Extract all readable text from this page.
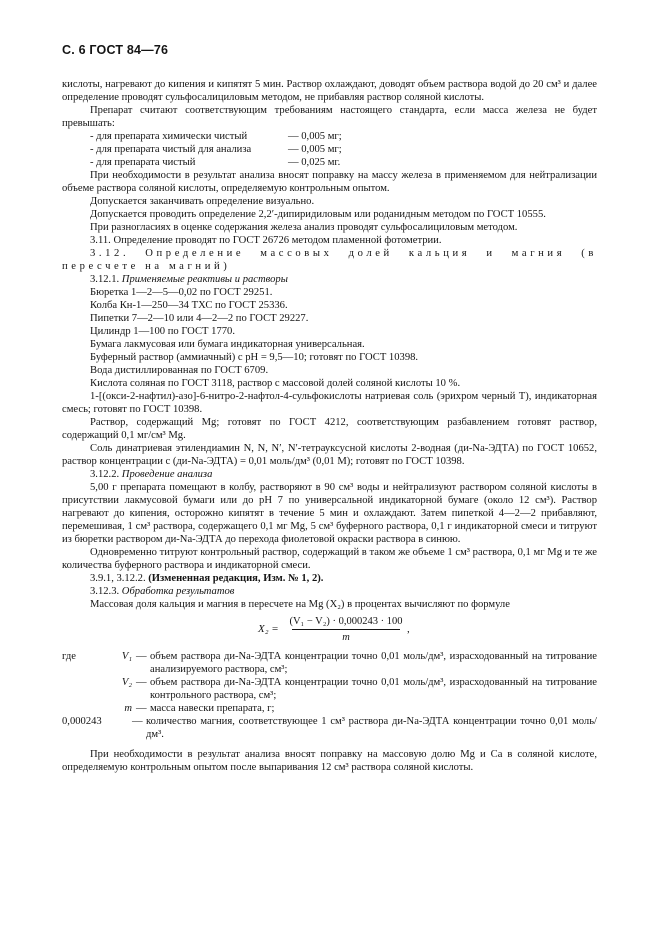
С. 6 ГОСТ 84—76

кислоты, нагревают до кипения и кипятят 5 мин. Раствор охлаждают, доводят объем раствора водой до 20 см³ и далее определение проводят сульфосалициловым методом, не прибавляя раствор соляной кислоты.

Препарат считают соответствующим требованиям настоящего стандарта, если масса железа не будет превышать:

- для препарата химически чистый	— 0,005 мг;
- для препарата чистый для анализа	— 0,005 мг;
- для препарата чистый	— 0,025 мг.

При необходимости в результат анализа вносят поправку на массу железа в применяемом для нейтрализации объеме раствора соляной кислоты, определяемую контрольным опытом.

Допускается заканчивать определение визуально.

Допускается проводить определение 2,2′-дипиридиловым или роданидным методом по ГОСТ 10555.

При разногласиях в оценке содержания железа анализ проводят сульфосалициловым методом.

3.11. Определение проводят по ГОСТ 26726 методом пламенной фотометрии.

3.12. Определение массовых долей кальция и магния (в пересчете на магний)

3.12.1. Применяемые реактивы и растворы

Бюретка 1—2—5—0,02 по ГОСТ 29251.

Колба Кн-1—250—34 ТХС по ГОСТ 25336.

Пипетки 7—2—10 или 4—2—2 по ГОСТ 29227.

Цилиндр 1—100 по ГОСТ 1770.

Бумага лакмусовая или бумага индикаторная универсальная.

Буферный раствор (аммиачный) с рН = 9,5—10; готовят по ГОСТ 10398.

Вода дистиллированная по ГОСТ 6709.

Кислота соляная по ГОСТ 3118, раствор с массовой долей соляной кислоты 10 %.

1-[(окси-2-нафтил)-азо]-6-нитро-2-нафтол-4-сульфокислоты натриевая соль (эрихром черный Т), индикаторная смесь; готовят по ГОСТ 10398.

Раствор, содержащий Mg; готовят по ГОСТ 4212, соответствующим разбавлением готовят раствор, содержащий 0,1 мг/см³ Mg.

Соль динатриевая этилендиамин N, N, N′, N′-тетрауксусной кислоты 2-водная (ди-Na-ЭДТА) по ГОСТ 10652, раствор концентрации c (ди-Na-ЭДТА) = 0,01 моль/дм³ (0,01 М); готовят по ГОСТ 10398.

3.12.2. Проведение анализа

5,00 г препарата помещают в колбу, растворяют в 90 см³ воды и нейтрализуют раствором соляной кислоты в присутствии лакмусовой бумаги или до рН 7 по универсальной индикаторной бумаге (около 12 см³). Раствор нагревают до кипения, осторожно кипятят в течение 5 мин и охлаждают. Затем пипеткой 4—2—2 прибавляют, перемешивая, 1 см³ раствора, содержащего 0,1 мг Mg, 5 см³ буферного раствора, 0,1 г индикаторной смеси и титруют из бюретки раствором ди-Na-ЭДТА до перехода фиолетовой окраски раствора в синюю.

Одновременно титруют контрольный раствор, содержащий в таком же объеме 1 см³ раствора, 0,1 мг Mg и те же количества буферного раствора и индикаторной смеси.

3.9.1, 3.12.2. (Измененная редакция, Изм. № 1, 2).

3.12.3. Обработка результатов

Массовая доля кальция и магния в пересчете на Mg (X₂) в процентах вычисляют по формуле

X₂ =
(V₁ − V₂) · 0,000243 · 100
m
,
где	V₁ — объем раствора ди-Na-ЭДТА концентрации точно 0,01 моль/дм³, израсходованный на титрование анализируемого раствора, см³;
V₂ — объем раствора ди-Na-ЭДТА концентрации точно 0,01 моль/дм³, израсходованный на титрование контрольного раствора, см³;
m — масса навески препарата, г;
0,000243	— количество магния, соответствующее 1 см³ раствора ди-Na-ЭДТА концентрации точно 0,01 моль/дм³.

При необходимости в результат анализа вносят поправку на массовую долю Mg и Ca в соляной кислоте, определяемую контрольным опытом после выпаривания 12 см³ раствора соляной кислоты.
